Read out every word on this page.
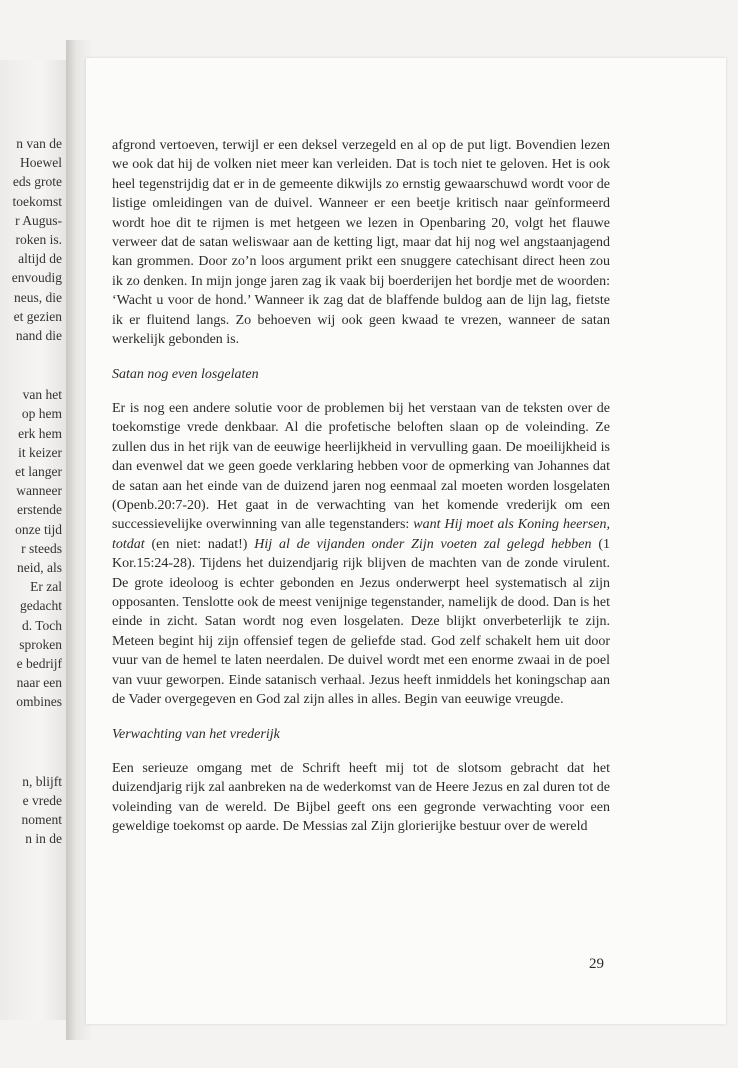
n van de
Hoewel
eds grote
toekomst
r Augus-
roken is.
altijd de
envoudig
neus, die
et gezien
nand die
van het
op hem
erk hem
it keizer
et langer
wanneer
erstende
onze tijd
r steeds
neid, als
Er zal
gedacht
d. Toch
sproken
e bedrijf
naar een
ombines
n, blijft
e vrede
noment
n in de

afgrond vertoeven, terwijl er een deksel verzegeld en al op de put ligt. Bovendien lezen we ook dat hij de volken niet meer kan verleiden. Dat is toch niet te geloven. Het is ook heel tegenstrijdig dat er in de gemeente dikwijls zo ernstig gewaarschuwd wordt voor de listige omleidingen van de duivel. Wanneer er een beetje kritisch naar geïnformeerd wordt hoe dit te rijmen is met hetgeen we lezen in Openbaring 20, volgt het flauwe verweer dat de satan weliswaar aan de ketting ligt, maar dat hij nog wel angstaanjagend kan grommen. Door zo’n loos argument prikt een snuggere catechisant direct heen zou ik zo denken. In mijn jonge jaren zag ik vaak bij boerderijen het bordje met de woorden: ‘Wacht u voor de hond.’ Wanneer ik zag dat de blaffende buldog aan de lijn lag, fietste ik er fluitend langs. Zo behoeven wij ook geen kwaad te vrezen, wanneer de satan werkelijk gebonden is.

Satan nog even losgelaten

Er is nog een andere solutie voor de problemen bij het verstaan van de teksten over de toekomstige vrede denkbaar. Al die profetische beloften slaan op de voleinding. Ze zullen dus in het rijk van de eeuwige heerlijkheid in vervulling gaan. De moeilijkheid is dan evenwel dat we geen goede verklaring hebben voor de opmerking van Johannes dat de satan aan het einde van de duizend jaren nog eenmaal zal moeten worden losgelaten (Openb.20:7-20). Het gaat in de verwachting van het komende vrederijk om een successievelijke overwinning van alle tegenstanders: want Hij moet als Koning heersen, totdat (en niet: nadat!) Hij al de vijanden onder Zijn voeten zal gelegd hebben (1 Kor.15:24-28). Tijdens het duizendjarig rijk blijven de machten van de zonde virulent. De grote ideoloog is echter gebonden en Jezus onderwerpt heel systematisch al zijn opposanten. Tenslotte ook de meest venijnige tegenstander, namelijk de dood. Dan is het einde in zicht. Satan wordt nog even losgelaten. Deze blijkt onverbeterlijk te zijn. Meteen begint hij zijn offensief tegen de geliefde stad. God zelf schakelt hem uit door vuur van de hemel te laten neerdalen. De duivel wordt met een enorme zwaai in de poel van vuur geworpen. Einde satanisch verhaal. Jezus heeft inmiddels het koningschap aan de Vader overgegeven en God zal zijn alles in alles. Begin van eeuwige vreugde.

Verwachting van het vrederijk

Een serieuze omgang met de Schrift heeft mij tot de slotsom gebracht dat het duizendjarig rijk zal aanbreken na de wederkomst van de Heere Jezus en zal duren tot de voleinding van de wereld. De Bijbel geeft ons een gegronde verwachting voor een geweldige toekomst op aarde. De Messias zal Zijn glorierijke bestuur over de wereld

29
